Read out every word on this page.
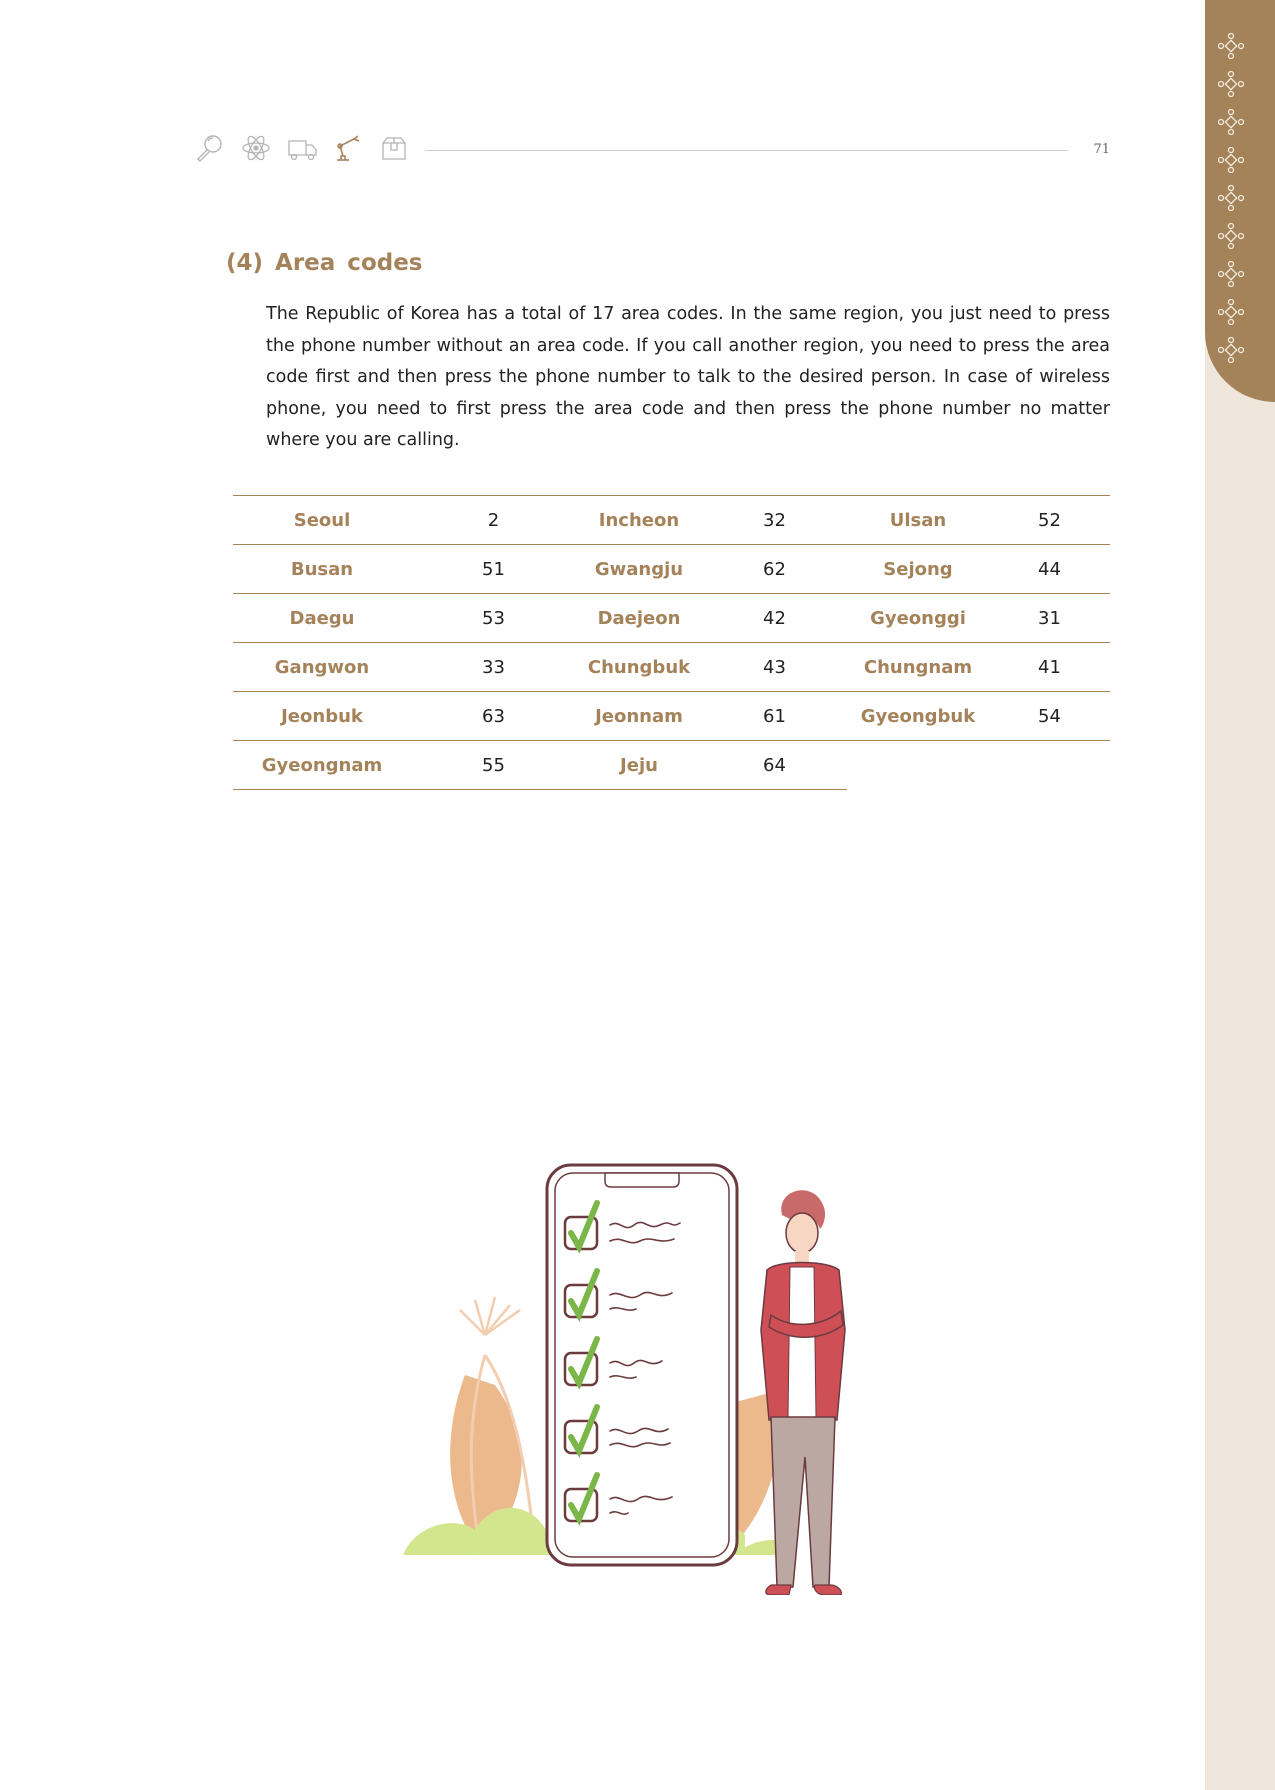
71
(4) Area codes

The Republic of Korea has a total of 17 area codes. In the same region, you just need to press the phone number without an area code. If you call another region, you need to press the area code first and then press the phone number to talk to the desired person. In case of wireless phone, you need to first press the area code and then press the phone number no matter where you are calling.

Seoul	2	Incheon	32	Ulsan	52
Busan	51	Gwangju	62	Sejong	44
Daegu	53	Daejeon	42	Gyeonggi	31
Gangwon	33	Chungbuk	43	Chungnam	41
Jeonbuk	63	Jeonnam	61	Gyeongbuk	54
Gyeongnam	55	Jeju	64		
